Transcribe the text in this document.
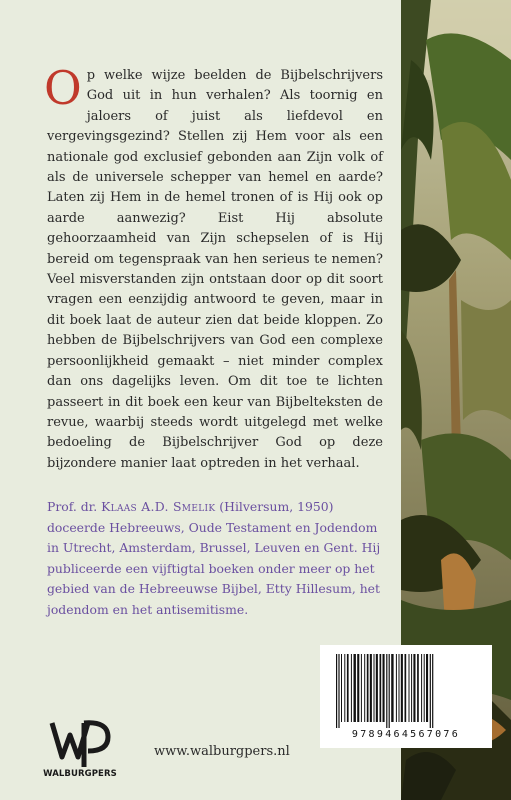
Op welke wijze beelden de Bijbelschrijvers God uit in hun verhalen? Als toornig en jaloers of juist als liefdevol en vergevingsgezind? Stellen zij Hem voor als een nationale god exclusief gebonden aan Zijn volk of als de universele schepper van hemel en aarde? Laten zij Hem in de hemel tronen of is Hij ook op aarde aanwezig? Eist Hij absolute gehoorzaamheid van Zijn schepselen of is Hij bereid om tegenspraak van hen serieus te nemen? Veel misverstanden zijn ontstaan door op dit soort vragen een eenzijdig antwoord te geven, maar in dit boek laat de auteur zien dat beide kloppen. Zo hebben de Bijbelschrijvers van God een complexe persoonlijkheid gemaakt – niet minder complex dan ons dagelijks leven. Om dit toe te lichten passeert in dit boek een keur van Bijbelteksten de revue, waarbij steeds wordt uitgelegd met welke bedoeling de Bijbelschrijver God op deze bijzondere manier laat optreden in het verhaal.

Prof. dr. Klaas A.D. Smelik (Hilversum, 1950) doceerde Hebreeuws, Oude Testament en Jodendom in Utrecht, Amsterdam, Brussel, Leuven en Gent. Hij publiceerde een vijftigtal boeken onder meer op het gebied van de Hebreeuwse Bijbel, Etty Hillesum, het jodendom en het antisemitisme.

9789464567076
WALBURGPERS
www.walburgpers.nl
